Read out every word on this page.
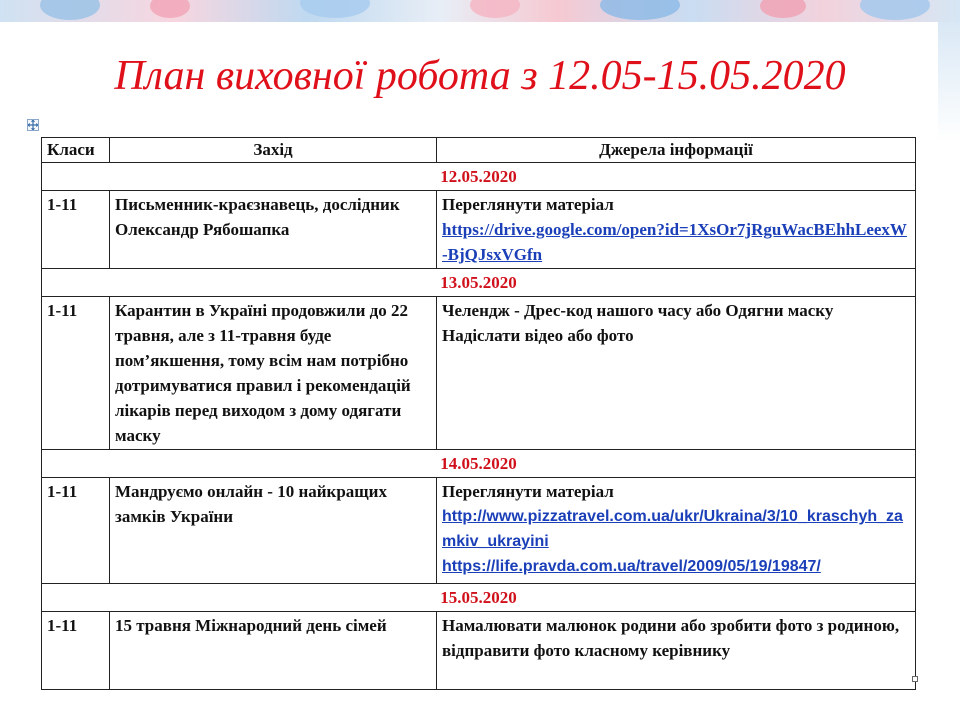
План виховної робота з 12.05-15.05.2020
Класи	Захід	Джерела інформації
12.05.2020		
1-11	Письменник-краєзнавець, дослідник Олександр Рябошапка	Переглянути матеріал
https://drive.google.com/open?id=1XsOr7jRguWacBEhhLeexW-BjQJsxVGfn

13.05.2020		
1-11	Карантин в Україні продовжили до 22 травня, але з 11-травня буде пом’якшення, тому всім нам потрібно дотримуватися правил і рекомендацій лікарів перед виходом з дому одягати маску	Челендж - Дрес-код нашого часу або Одягни маску Надіслати відео або фото
14.05.2020		
1-11	Мандруємо онлайн - 10 найкращих замків України	Переглянути матеріал
http://www.pizzatravel.com.ua/ukr/Ukraina/3/10_kraschyh_zamkiv_ukrayini
https://life.pravda.com.ua/travel/2009/05/19/19847/

15.05.2020		
1-11	15 травня Міжнародний день сімей	Намалювати малюнок родини або зробити фото з родиною, відправити фото класному керівнику
